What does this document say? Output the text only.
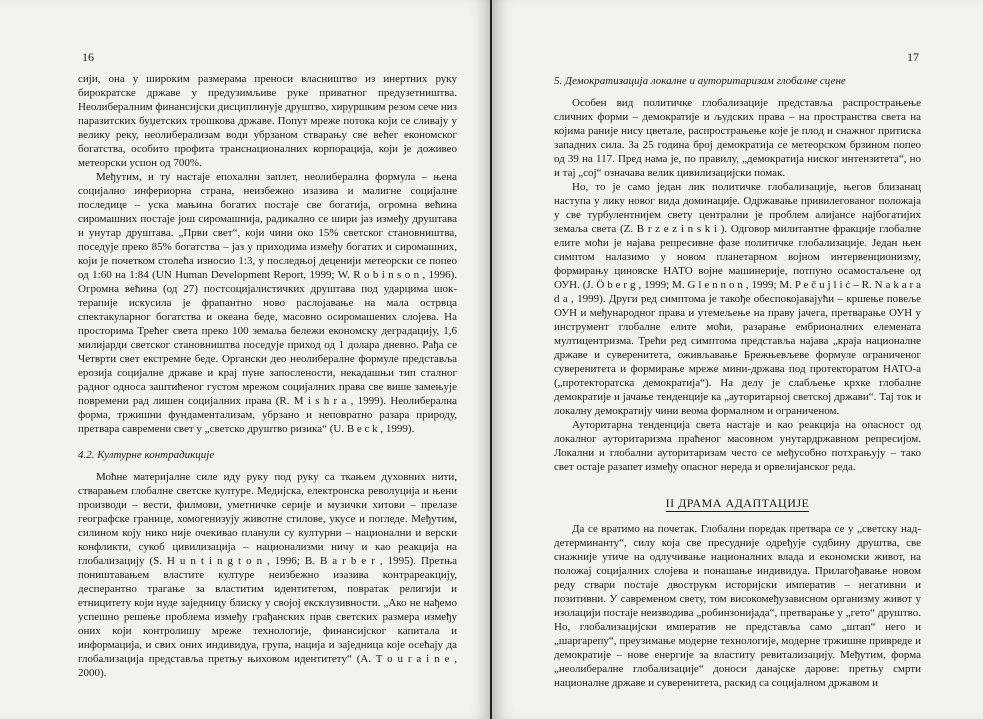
16

сији, она у широким размерама преноси власништво из инертних руку бирократске државе у предузимљиве руке приватног предузетништва. Неолибералним финансијски дисциплинује друштво, хируршким резом сече низ паразитских буџетских трошкова државе. Попут мреже потока који се сливају у велику реку, неолиберализам води убрзаном стварању све већег економског богатства, особито профита транснационалних корпорација, који је доживео метеорски успон од 700%.

Међутим, и ту настаје епохални заплет, неолиберална формула – њена социјално инфериорна страна, неизбежно изазива и малигне социјалне последице – уска мањина богатих постаје све богатија, огромна већина сиромашних постаје још сиромашнија, радикално се шири јаз између друштава и унутар друштава. „Први свет“, који чини око 15% светског становништва, поседује преко 85% богатства – јаз у приходима између богатих и сиромашних, који је почетком столећа износио 1:3, у последњој деценији метеорски се попео од 1:60 на 1:84 (UN Human Development Report, 1999; W. R o b i n s o n , 1996). Огромна већина (од 27) постсоцијалистичких друштава под ударцима шок-терапије искусила је фрапантно ново раслојавање на мала острвца спектакуларног богатства и океана беде, масовно осиромашених слојева. На просторима Трећег света преко 100 земаља бележи економску деградацију, 1,6 милијарди светског становништва поседује приход од 1 долара дневно. Рађа се Четврти свет екстремне беде. Органски део неолибералне формуле представља ерозија социјалне државе и крај пуне запослености, некадашњи тип сталног радног односа заштићеног густом мрежом социјалних права све више замењује повремени рад лишен социјалних права (R. M i s h r a , 1999). Неолиберална форма, тржишни фундаментализам, убрзано и неповратно разара природу, претвара савремени свет у „светско друштво ризика“ (U. B e c k , 1999).

4.2. Културне контрадикције

Моћне материјалне силе иду руку под руку са ткањем духовних нити, стварањем глобалне светске културе. Медијска, електронска револуција и њени производи – вести, филмови, уметничке серије и музички хитови – прелазе географске границе, хомогенизују животне стилове, укусе и погледе. Међутим, силином коју нико није очекивао планули су културни – национални и верски конфликти, сукоб цивилизација – национализми ничу и као реакција на глобализацију (S. H u n t i n g t o n , 1996; B. B a r b e r , 1995). Претња поништавањем властите културе неизбежно изазива контрареакцију, десперантно трагање за властитим идентитетом, повратак религији и етницитету који нуде заједницу блиску у својој ексклузивности. „Ако не нађемо успешно решење проблема између грађанских прав светских размера између оних који контролишу мреже технологије, финансијског капитала и информација, и свих оних индивидуа, група, нација и заједница које осећају да глобализација представља претњу њиховом идентитету“ (A. T o u r a i n e , 2000).

17
5. Демократизација локалне и ауторитаризам глобалне сцене

Особен вид политичке глобализације представља распрострањење сличних форми – демократије и људских права – на пространства света на којима раније нису цветале, распрострањење које је плод и снажног притиска западних сила. За 25 година број демократија се метеорском брзином попео од 39 на 117. Пред нама је, по правилу, „демократија ниског интензитета“, но и тај „сој“ означава велик цивилизацијски помак.

Но, то је само један лик политичке глобализације, његов близанац наступа у лику новог вида доминације. Одржавање привилегованог положаја у све турбулентнијем свету централни је проблем алијансе најбогатијих земаља света (Z. B r z e z i n s k i ). Одговор милитантне фракције глобалне елите моћи је најава репресивне фазе политичке глобализације. Један њен симптом налазимо у новом планетарном војном интервенционизму, формирању циновске НАТО војне машинерије, потпуно осамостаљене од ОУН. (J. Ö b e r g , 1999; M. G l e n n o n , 1999; M. P e č u j l i ć – R. N a k a r a d a , 1999). Други ред симптома је такође обеспокојавајући – кршење повеље ОУН и међународног права и утемељење на праву јачега, претварање ОУН у инструмент глобалне елите моћи, разарање ембрионалних елемената мултицентризма. Трећи ред симптома представља најава „краја националне државе и суверенитета, оживљавање Брежњевљеве формуле ограниченог суверенитета и формирање мреже мини-држава под протекторатом НАТО-а („протекторатска демократија“). На делу је слабљење крхке глобалне демократије и јачање тенденције ка „ауторитарној светској држави“. Тај ток и локалну демократију чини веома формалном и ограниченом.

Ауторитарна тенденција света настаје и као реакција на опасност од локалног ауторитаризма праћеног масовном унутардржавном репресијом. Локални и глобални ауторитаризам често се међусобно потхрањују – тако свет остаје разапет између опасног нереда и орвелијанског реда.

II ДРАМА АДАПТАЦИЈЕ

Да се вратимо на почетак. Глобални поредак претвара се у „светску над-детерминанту“, силу која све пресудније одређује судбину друштва, све снажније утиче на одлучивање националних влада и економски живот, на положај социјалних слојева и понашање индивидуа. Прилагођавање новом реду ствари постаје двострукм историјски императив – негативни и позитивни. У савременом свету, том високомеђузависном организму живот у изолацији постаје неизводива „робинзонијада“, претварање у „гето“ друштво. Но, глобализацијски императив не представља само „штап“ него и „шаргарепу“, преузимање модерне технологије, модерне тржишне привреде и демократије – нове енергије за властиту ревитализацију. Међутим, форма „неолибералне глобализације“ доноси данајске дарове: претњу смрти националне државе и суверенитета, раскид са социјалном државом и
